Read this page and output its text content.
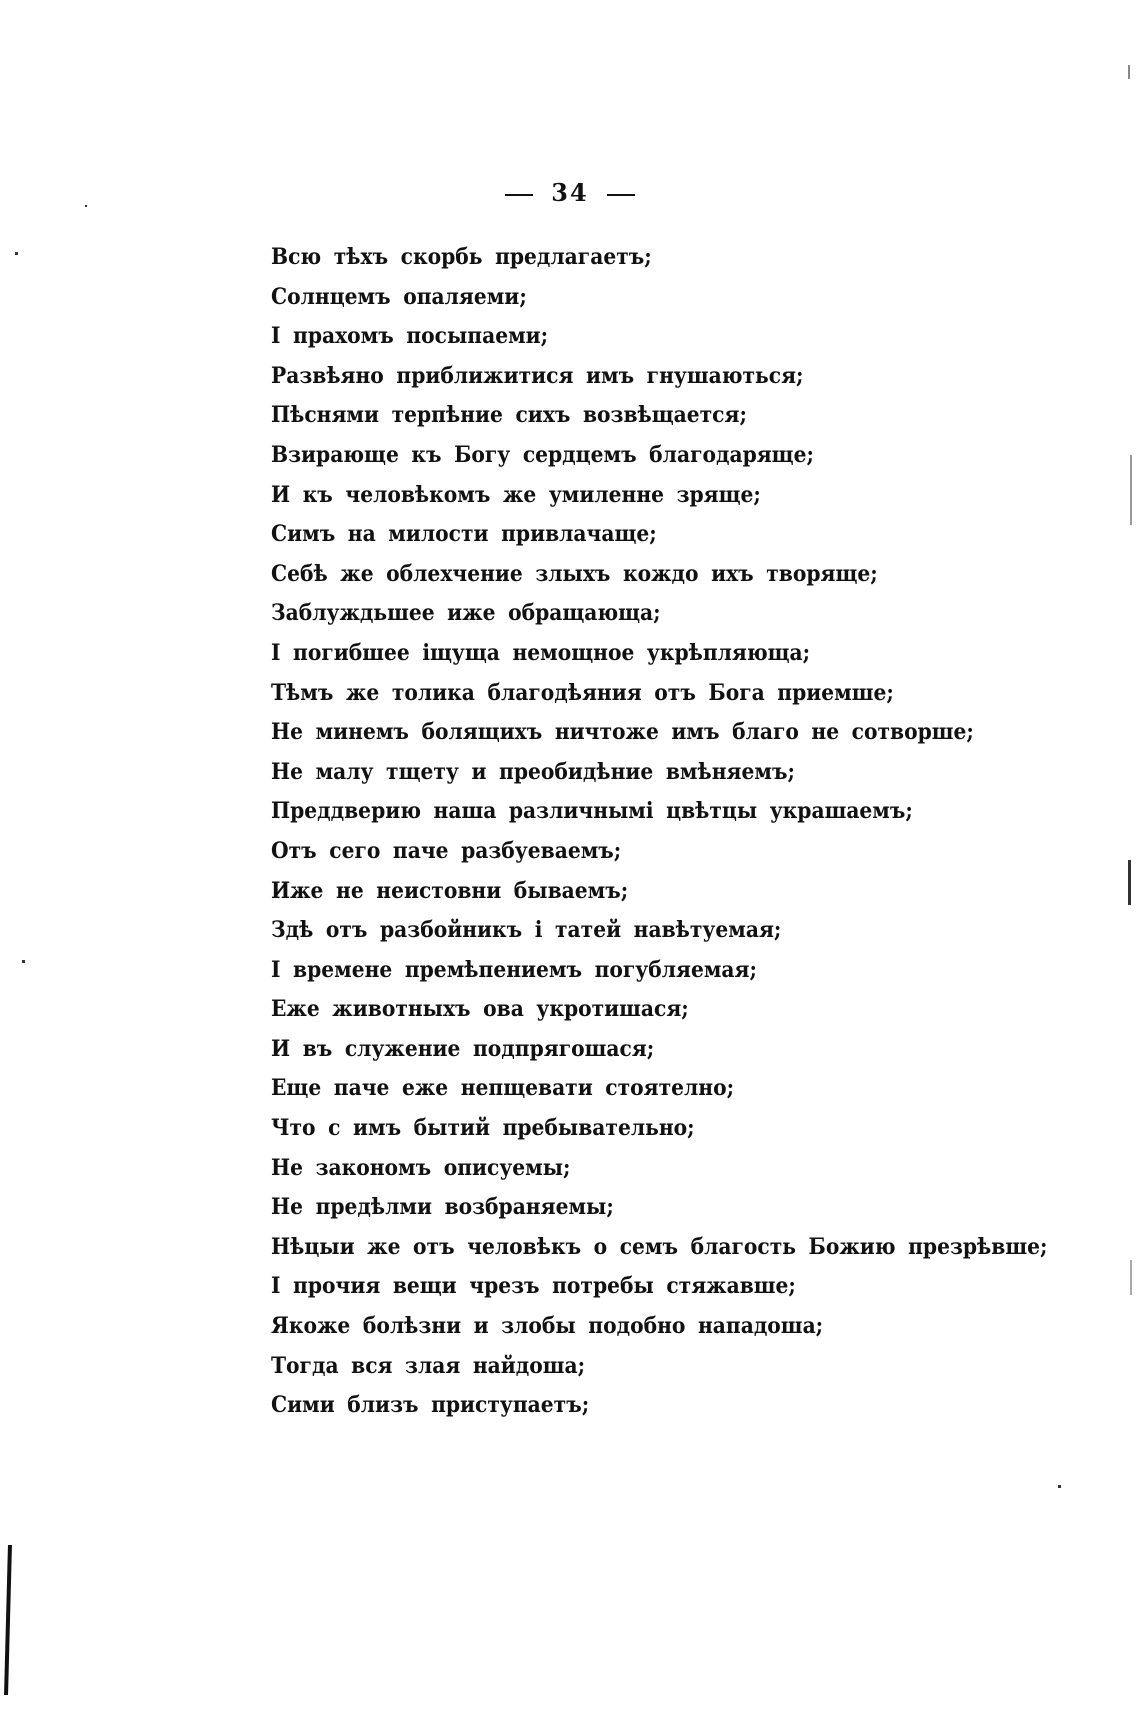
34
Всю тѣхъ скорбь предлагаетъ;
Солнцемъ опаляеми;
І прахомъ посыпаеми;
Развѣяно приближитися имъ гнушаються;
Пѣснями терпѣние сихъ возвѣщается;
Взирающе къ Богу сердцемъ благодаряще;
И къ человѣкомъ же умиленне зряще;
Симъ на милости привлачаще;
Себѣ же облехчение злыхъ кождо ихъ творяще;
Заблуждьшее иже обращающа;
І погибшее іщуща немощное укрѣпляюща;
Тѣмъ же толика благодѣяния отъ Бога приемше;
Не минемъ болящихъ ничтоже имъ благо не сотворше;
Не малу тщету и преобидѣние вмѣняемъ;
Преддверию наша различнымі цвѣтцы украшаемъ;
Отъ сего паче разбуеваемъ;
Иже не неистовни бываемъ;
Здѣ отъ разбойникъ і татей навѣтуемая;
І времене премѣпениемъ погубляемая;
Еже животныхъ ова укротишася;
И въ служение подпрягошася;
Еще паче еже непщевати стоятелно;
Что с имъ бытий пребывательно;
Не закономъ описуемы;
Не предѣлми возбраняемы;
Нѣцыи же отъ человѣкъ о семъ благость Божию презрѣвше;
І прочия вещи чрезъ потребы стяжавше;
Якоже болѣзни и злобы подобно нападоша;
Тогда вся злая найдоша;
Сими близъ приступаетъ;
